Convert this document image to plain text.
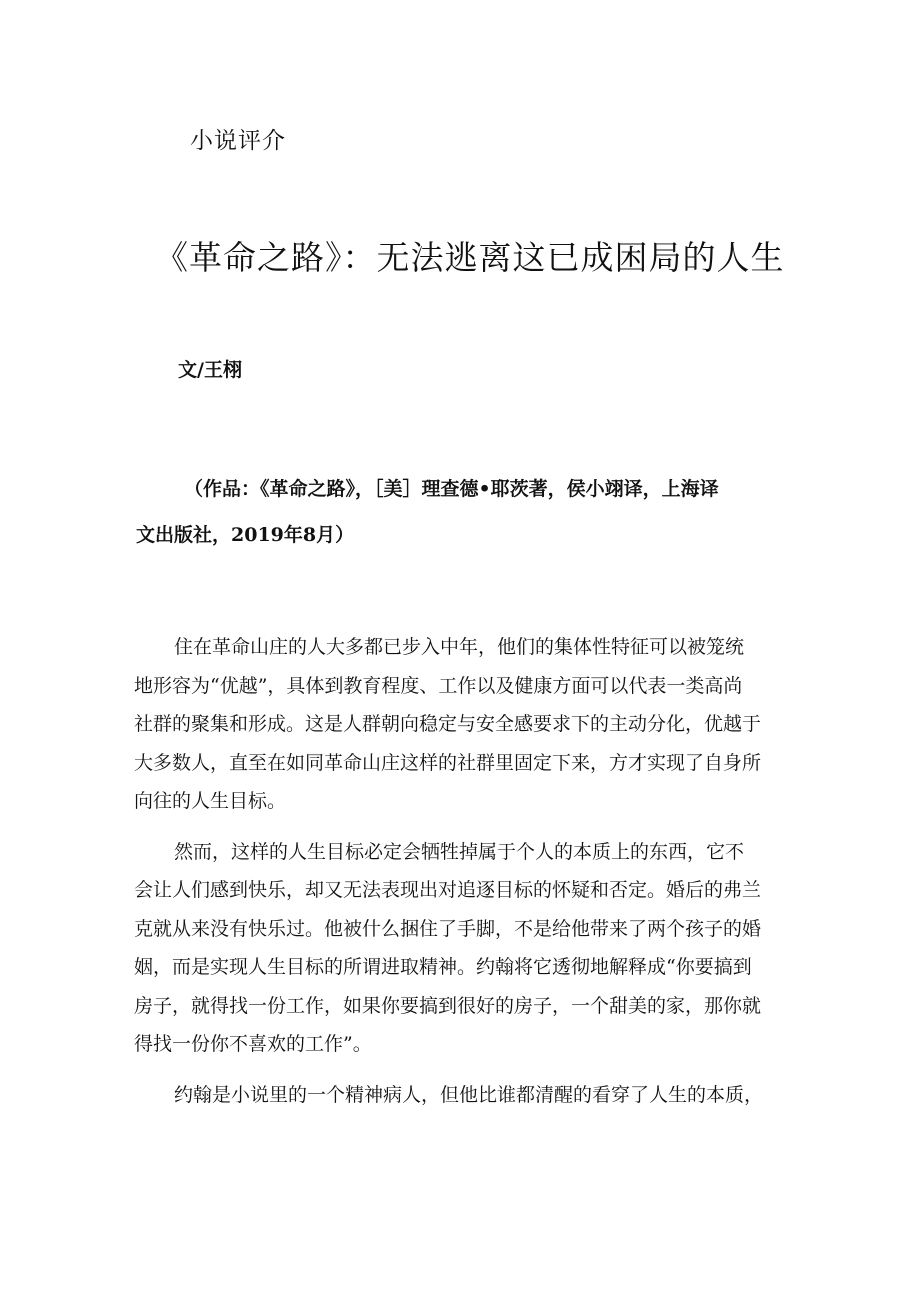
小说评介
《革命之路》：无法逃离这已成困局的人生
文/王栩
（作品：《革命之路》，［美］理查德•耶茨著，侯小翊译，上海译
文出版社，2019年8月）
住在革命山庄的人大多都已步入中年，他们的集体性特征可以被笼统
地形容为“优越”，具体到教育程度、工作以及健康方面可以代表一类高尚
社群的聚集和形成。这是人群朝向稳定与安全感要求下的主动分化，优越于
大多数人，直至在如同革命山庄这样的社群里固定下来，方才实现了自身所
向往的人生目标。
然而，这样的人生目标必定会牺牲掉属于个人的本质上的东西，它不
会让人们感到快乐，却又无法表现出对追逐目标的怀疑和否定。婚后的弗兰
克就从来没有快乐过。他被什么捆住了手脚，不是给他带来了两个孩子的婚
姻，而是实现人生目标的所谓进取精神。约翰将它透彻地解释成“你要搞到
房子，就得找一份工作，如果你要搞到很好的房子，一个甜美的家，那你就
得找一份你不喜欢的工作”。
约翰是小说里的一个精神病人，但他比谁都清醒的看穿了人生的本质，
